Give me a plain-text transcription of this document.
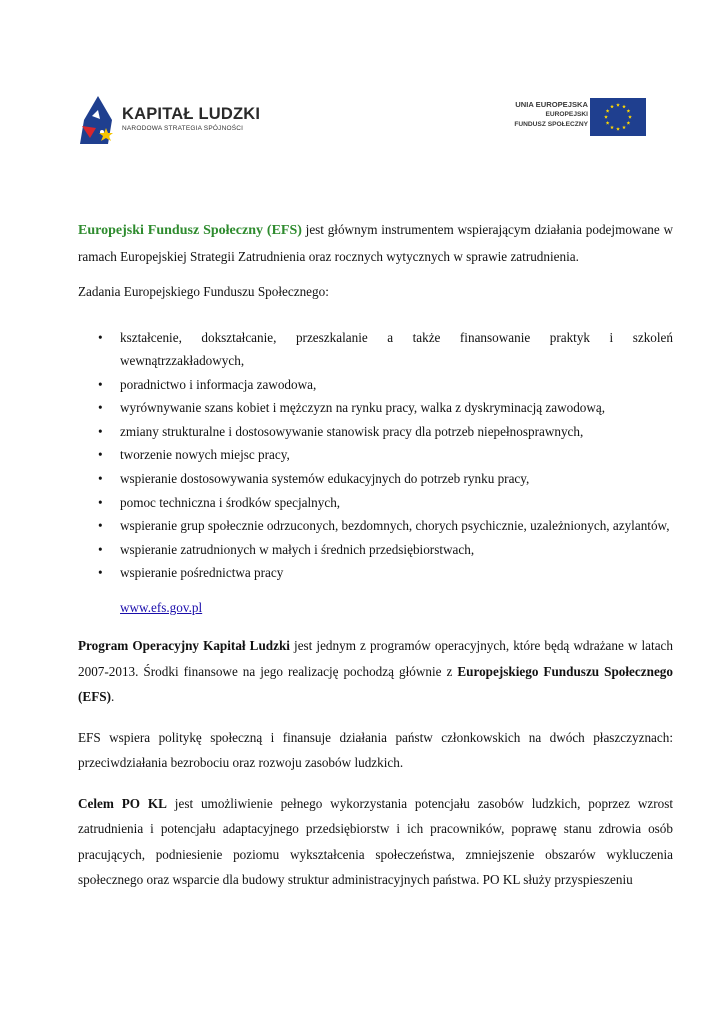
KAPITAŁ LUDZKI
NARODOWA STRATEGIA SPÓJNOŚCI
UNIA EUROPEJSKA
EUROPEJSKI
FUNDUSZ SPOŁECZNY

Europejski Fundusz Społeczny (EFS) jest głównym instrumentem wspierającym działania podejmowane w ramach Europejskiej Strategii Zatrudnienia oraz rocznych wytycznych w sprawie zatrudnienia.

Zadania Europejskiego Funduszu Społecznego:

• kształcenie, dokształcanie, przeszkalanie a także finansowanie praktyk i szkoleń
wewnątrzzakładowych,
• poradnictwo i informacja zawodowa,
• wyrównywanie szans kobiet i mężczyzn na rynku pracy, walka z dyskryminacją zawodową,
• zmiany strukturalne i dostosowywanie stanowisk pracy dla potrzeb niepełnosprawnych,
• tworzenie nowych miejsc pracy,
• wspieranie dostosowywania systemów edukacyjnych do potrzeb rynku pracy,
• pomoc techniczna i środków specjalnych,
• wspieranie grup społecznie odrzuconych, bezdomnych, chorych psychicznie, uzależnionych, azylantów,
• wspieranie zatrudnionych w małych i średnich przedsiębiorstwach,
• wspieranie pośrednictwa pracy
www.efs.gov.pl

Program Operacyjny Kapitał Ludzki jest jednym z programów operacyjnych, które będą wdrażane w latach 2007-2013. Środki finansowe na jego realizację pochodzą głównie z Europejskiego Funduszu Społecznego (EFS).

EFS wspiera politykę społeczną i finansuje działania państw członkowskich na dwóch płaszczyznach: przeciwdziałania bezrobociu oraz rozwoju zasobów ludzkich.

Celem PO KL jest umożliwienie pełnego wykorzystania potencjału zasobów ludzkich, poprzez wzrost zatrudnienia i potencjału adaptacyjnego przedsiębiorstw i ich pracowników, poprawę stanu zdrowia osób pracujących, podniesienie poziomu wykształcenia społeczeństwa, zmniejszenie obszarów wykluczenia społecznego oraz wsparcie dla budowy struktur administracyjnych państwa. PO KL służy przyspieszeniu
